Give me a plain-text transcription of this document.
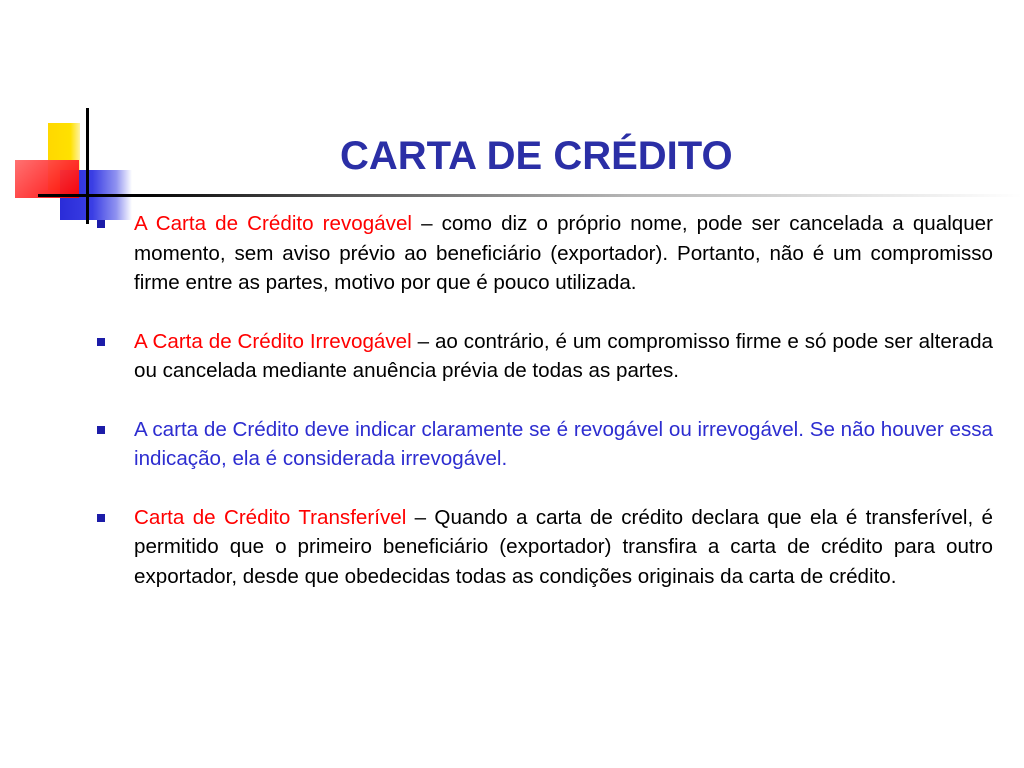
CARTA DE CRÉDITO
A Carta de Crédito revogável – como diz o próprio nome, pode ser cancelada a qualquer momento, sem aviso prévio ao beneficiário (exportador). Portanto, não é um compromisso firme entre as partes, motivo por que é pouco utilizada.
A Carta de Crédito Irrevogável – ao contrário, é um compromisso firme e só pode ser alterada ou cancelada mediante anuência prévia de todas as partes.
A carta de Crédito deve indicar claramente se é revogável ou irrevogável. Se não houver essa indicação, ela é considerada irrevogável.
Carta de Crédito Transferível – Quando a carta de crédito declara que ela é transferível, é permitido que o primeiro beneficiário (exportador) transfira a carta de crédito para outro exportador, desde que obedecidas todas as condições originais da carta de crédito.
